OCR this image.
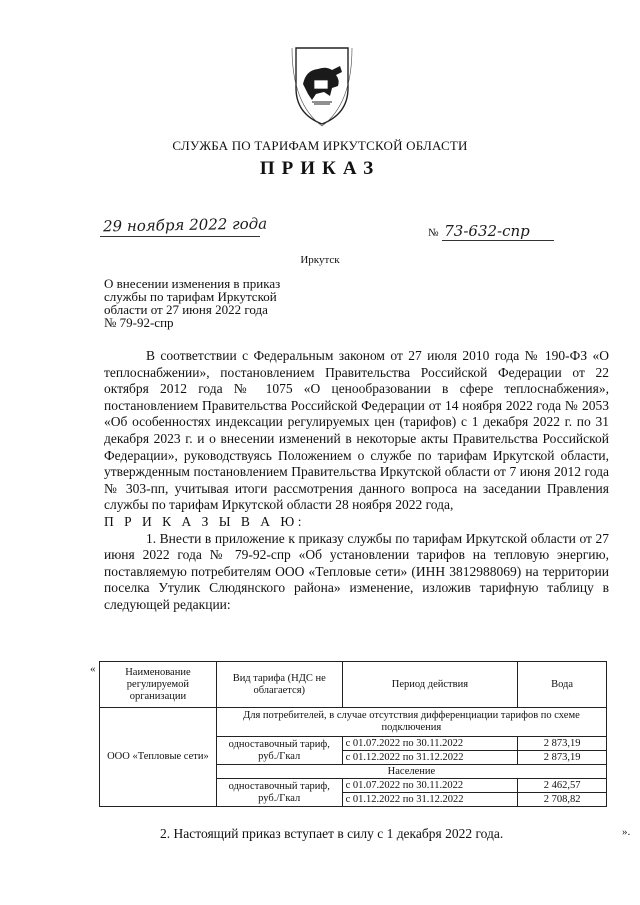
СЛУЖБА ПО ТАРИФАМ ИРКУТСКОЙ ОБЛАСТИ
ПРИКАЗ
29 ноября 2022 года	№ 73-632-спр
Иркутск
О внесении изменения в приказ
службы по тарифам Иркутской
области от 27 июня 2022 года
№ 79-92-спр

В соответствии с Федеральным законом от 27 июля 2010 года № 190-ФЗ «О теплоснабжении», постановлением Правительства Российской Федерации от 22 октября 2012 года № 1075 «О ценообразовании в сфере теплоснабжения», постановлением Правительства Российской Федерации от 14 ноября 2022 года № 2053 «Об особенностях индексации регулируемых цен (тарифов) с 1 декабря 2022 г. по 31 декабря 2023 г. и о внесении изменений в некоторые акты Правительства Российской Федерации», руководствуясь Положением о службе по тарифам Иркутской области, утвержденным постановлением Правительства Иркутской области от 7 июня 2012 года № 303-пп, учитывая итоги рассмотрения данного вопроса на заседании Правления службы по тарифам Иркутской области 28 ноября 2022 года,

П Р И К А З Ы В А Ю:

1. Внести в приложение к приказу службы по тарифам Иркутской области от 27 июня 2022 года № 79-92-спр «Об установлении тарифов на тепловую энергию, поставляемую потребителям ООО «Тепловые сети» (ИНН 3812988069) на территории поселка Утулик Слюдянского района» изменение, изложив тарифную таблицу в следующей редакции:

«	Наименование регулируемой организации	Вид тарифа (НДС не облагается)	Период действия	Вода
ООО «Тепловые сети»	Для потребителей, в случае отсутствия дифференциации тарифов по схеме подключения		
	одноставочный тариф, руб./Гкал	с 01.07.2022 по 30.11.2022	2 873,19
		с 01.12.2022 по 31.12.2022	2 873,19
	Население		
	одноставочный тариф, руб./Гкал	с 01.07.2022 по 30.11.2022	2 462,57
		с 01.12.2022 по 31.12.2022	2 708,82
».
2. Настоящий приказ вступает в силу с 1 декабря 2022 года.
